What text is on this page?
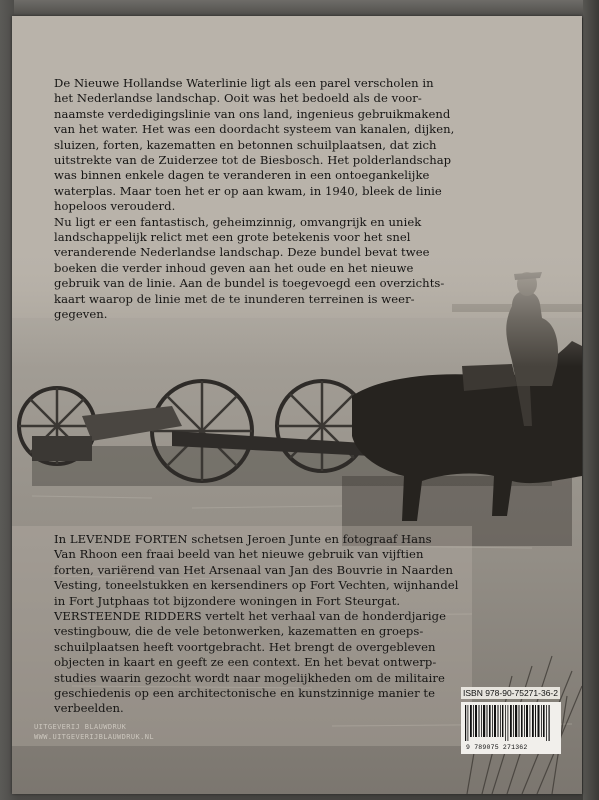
De Nieuwe Hollandse Waterlinie ligt als een parel verscholen in
het Nederlandse landschap. Ooit was het bedoeld als de voor-
naamste verdedigingslinie van ons land, ingenieus gebruikmakend
van het water. Het was een doordacht systeem van kanalen, dijken,
sluizen, forten, kazematten en betonnen schuilplaatsen, dat zich
uitstrekte van de Zuiderzee tot de Biesbosch. Het polderlandschap
was binnen enkele dagen te veranderen in een ontoegankelijke
waterplas. Maar toen het er op aan kwam, in 1940, bleek de linie
hopeloos verouderd.
Nu ligt er een fantastisch, geheimzinnig, omvangrijk en uniek
landschappelijk relict met een grote betekenis voor het snel
veranderende Nederlandse landschap. Deze bundel bevat twee
boeken die verder inhoud geven aan het oude en het nieuwe
gebruik van de linie. Aan de bundel is toegevoegd een overzichts-
kaart waarop de linie met de te inunderen terreinen is weer-
gegeven.
In LEVENDE FORTEN schetsen Jeroen Junte en fotograaf Hans
Van Rhoon een fraai beeld van het nieuwe gebruik van vijftien
forten, variërend van Het Arsenaal van Jan des Bouvrie in Naarden
Vesting, toneelstukken en kersendiners op Fort Vechten, wijnhandel
in Fort Jutphaas tot bijzondere woningen in Fort Steurgat.
VERSTEENDE RIDDERS vertelt het verhaal van de honderdjarige
vestingbouw, die de vele betonwerken, kazematten en groeps-
schuilplaatsen heeft voortgebracht. Het brengt de overgebleven
objecten in kaart en geeft ze een context. En het bevat ontwerp-
studies waarin gezocht wordt naar mogelijkheden om de militaire
geschiedenis op een architectonische en kunstzinnige manier te
verbeelden.
UITGEVERIJ BLAUWDRUK
WWW.UITGEVERIJBLAUWDRUK.NL
ISBN 978-90-75271-36-2
9 789075 271362
